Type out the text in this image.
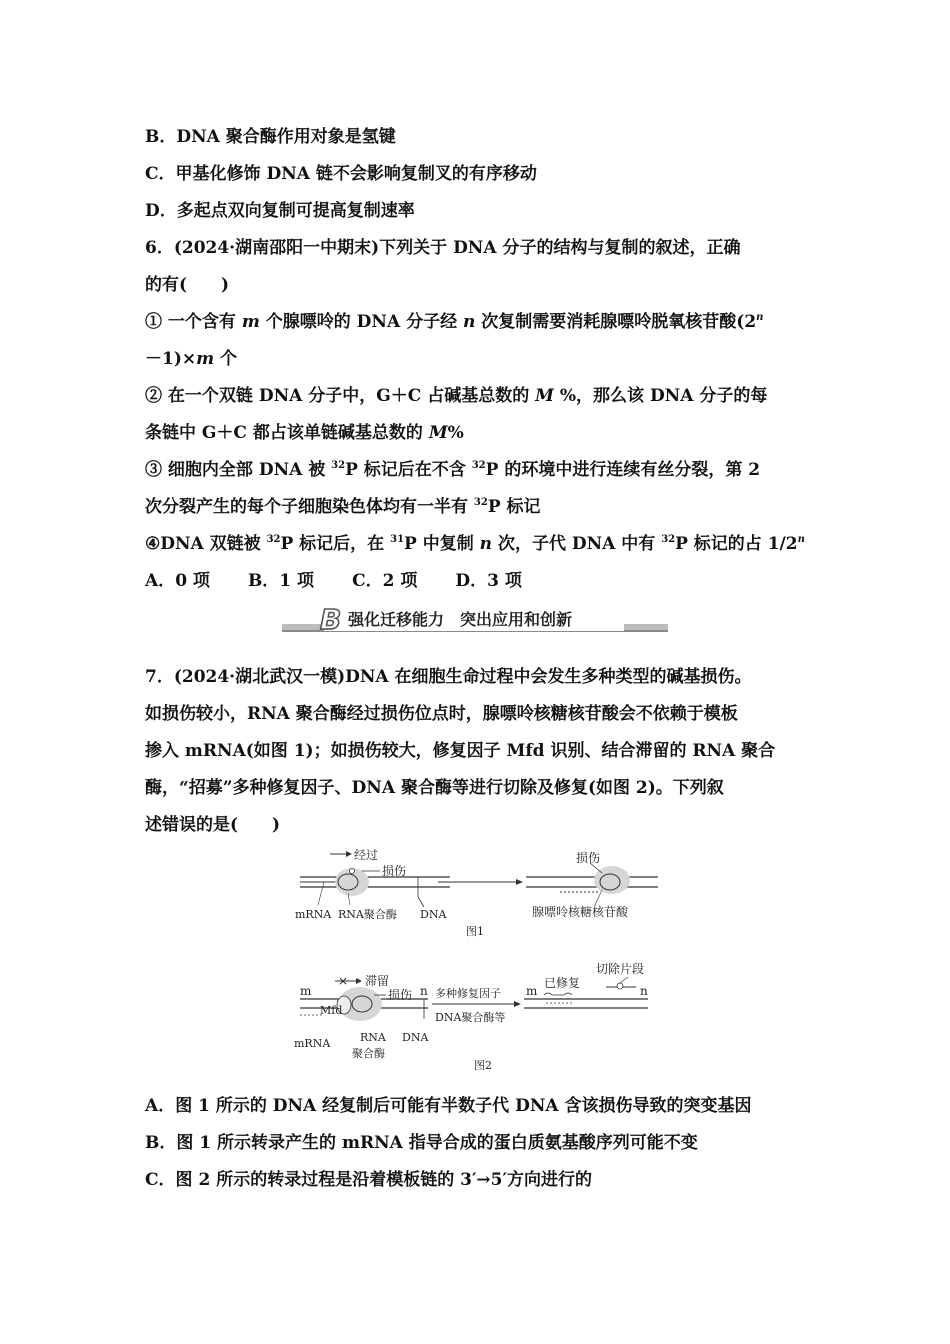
B．DNA 聚合酶作用对象是氢键
C．甲基化修饰 DNA 链不会影响复制叉的有序移动
D．多起点双向复制可提高复制速率
6．(2024·湖南邵阳一中期末)下列关于 DNA 分子的结构与复制的叙述，正确
的有(　　)
① 一个含有 m 个腺嘌呤的 DNA 分子经 n 次复制需要消耗腺嘌呤脱氧核苷酸($2^n$
－1)×m 个
② 在一个双链 DNA 分子中，G＋C 占碱基总数的 M %，那么该 DNA 分子的每
条链中 G＋C 都占该单链碱基总数的 M%
③ 细胞内全部 DNA 被 $^{32}$P 标记后在不含 $^{32}$P 的环境中进行连续有丝分裂，第 2
次分裂产生的每个子细胞染色体均有一半有 $^{32}$P 标记
④DNA 双链被 $^{32}$P 标记后，在 $^{31}$P 中复制 n 次，子代 DNA 中有 $^{32}$P 标记的占 1/2$^n$
A．0 项 B．1 项 C．2 项 D．3 项
B 强化迁移能力　突出应用和创新
7．(2024·湖北武汉一模)DNA 在细胞生命过程中会发生多种类型的碱基损伤。
如损伤较小，RNA 聚合酶经过损伤位点时，腺嘌呤核糖核苷酸会不依赖于模板
掺入 mRNA(如图 1)；如损伤较大，修复因子 Mfd 识别、结合滞留的 RNA 聚合
酶，“招募”多种修复因子、DNA 聚合酶等进行切除及修复(如图 2)。下列叙
述错误的是(　　)
经过
损伤
mRNA RNA聚合酶 DNA
损伤
腺嘌呤核糖核苷酸
图1
× 滞留
损伤
m	n
Mfd
mRNA	RNA
聚合酶
DNA
多种修复因子
DNA聚合酶等
已修复
切除片段
m	n
图2
A．图 1 所示的 DNA 经复制后可能有半数子代 DNA 含该损伤导致的突变基因
B．图 1 所示转录产生的 mRNA 指导合成的蛋白质氨基酸序列可能不变
C．图 2 所示的转录过程是沿着模板链的 3′→5′方向进行的
